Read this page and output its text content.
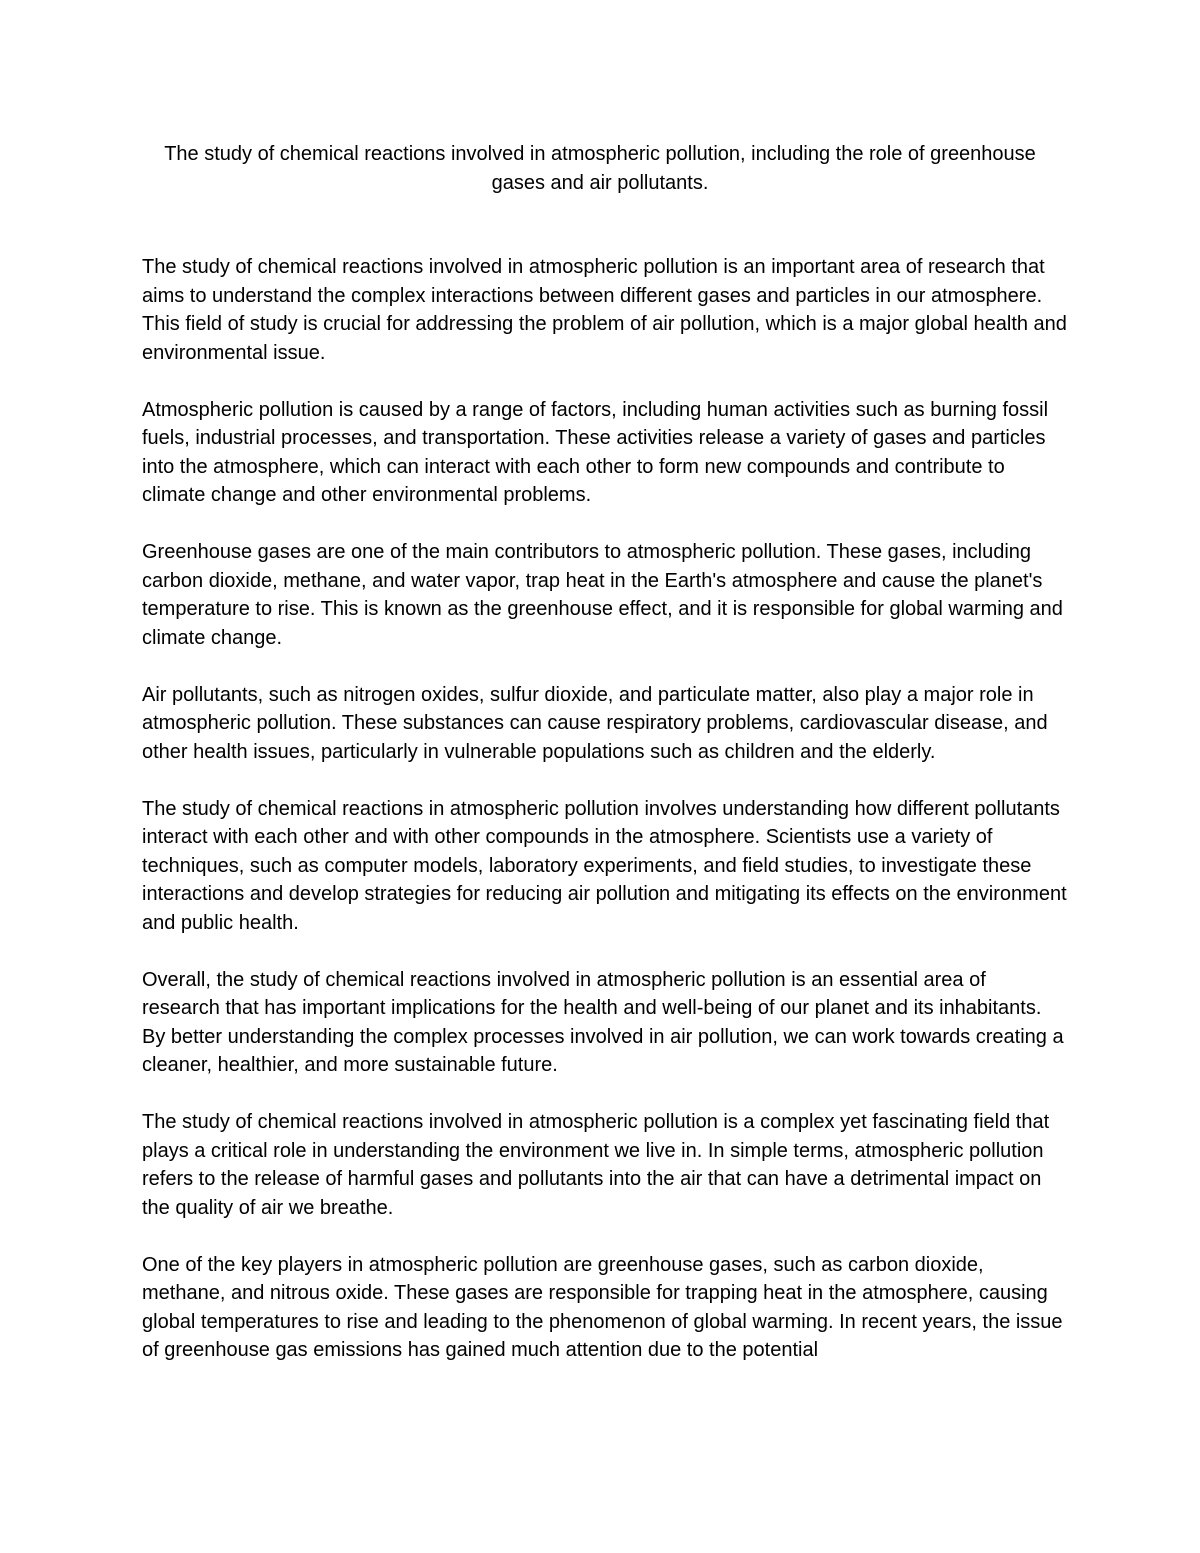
The study of chemical reactions involved in atmospheric pollution, including the role of greenhouse gases and air pollutants.

The study of chemical reactions involved in atmospheric pollution is an important area of research that aims to understand the complex interactions between different gases and particles in our atmosphere. This field of study is crucial for addressing the problem of air pollution, which is a major global health and environmental issue.

Atmospheric pollution is caused by a range of factors, including human activities such as burning fossil fuels, industrial processes, and transportation. These activities release a variety of gases and particles into the atmosphere, which can interact with each other to form new compounds and contribute to climate change and other environmental problems.

Greenhouse gases are one of the main contributors to atmospheric pollution. These gases, including carbon dioxide, methane, and water vapor, trap heat in the Earth's atmosphere and cause the planet's temperature to rise. This is known as the greenhouse effect, and it is responsible for global warming and climate change.

Air pollutants, such as nitrogen oxides, sulfur dioxide, and particulate matter, also play a major role in atmospheric pollution. These substances can cause respiratory problems, cardiovascular disease, and other health issues, particularly in vulnerable populations such as children and the elderly.

The study of chemical reactions in atmospheric pollution involves understanding how different pollutants interact with each other and with other compounds in the atmosphere. Scientists use a variety of techniques, such as computer models, laboratory experiments, and field studies, to investigate these interactions and develop strategies for reducing air pollution and mitigating its effects on the environment and public health.

Overall, the study of chemical reactions involved in atmospheric pollution is an essential area of research that has important implications for the health and well-being of our planet and its inhabitants. By better understanding the complex processes involved in air pollution, we can work towards creating a cleaner, healthier, and more sustainable future.

The study of chemical reactions involved in atmospheric pollution is a complex yet fascinating field that plays a critical role in understanding the environment we live in. In simple terms, atmospheric pollution refers to the release of harmful gases and pollutants into the air that can have a detrimental impact on the quality of air we breathe.

One of the key players in atmospheric pollution are greenhouse gases, such as carbon dioxide, methane, and nitrous oxide. These gases are responsible for trapping heat in the atmosphere, causing global temperatures to rise and leading to the phenomenon of global warming. In recent years, the issue of greenhouse gas emissions has gained much attention due to the potential
